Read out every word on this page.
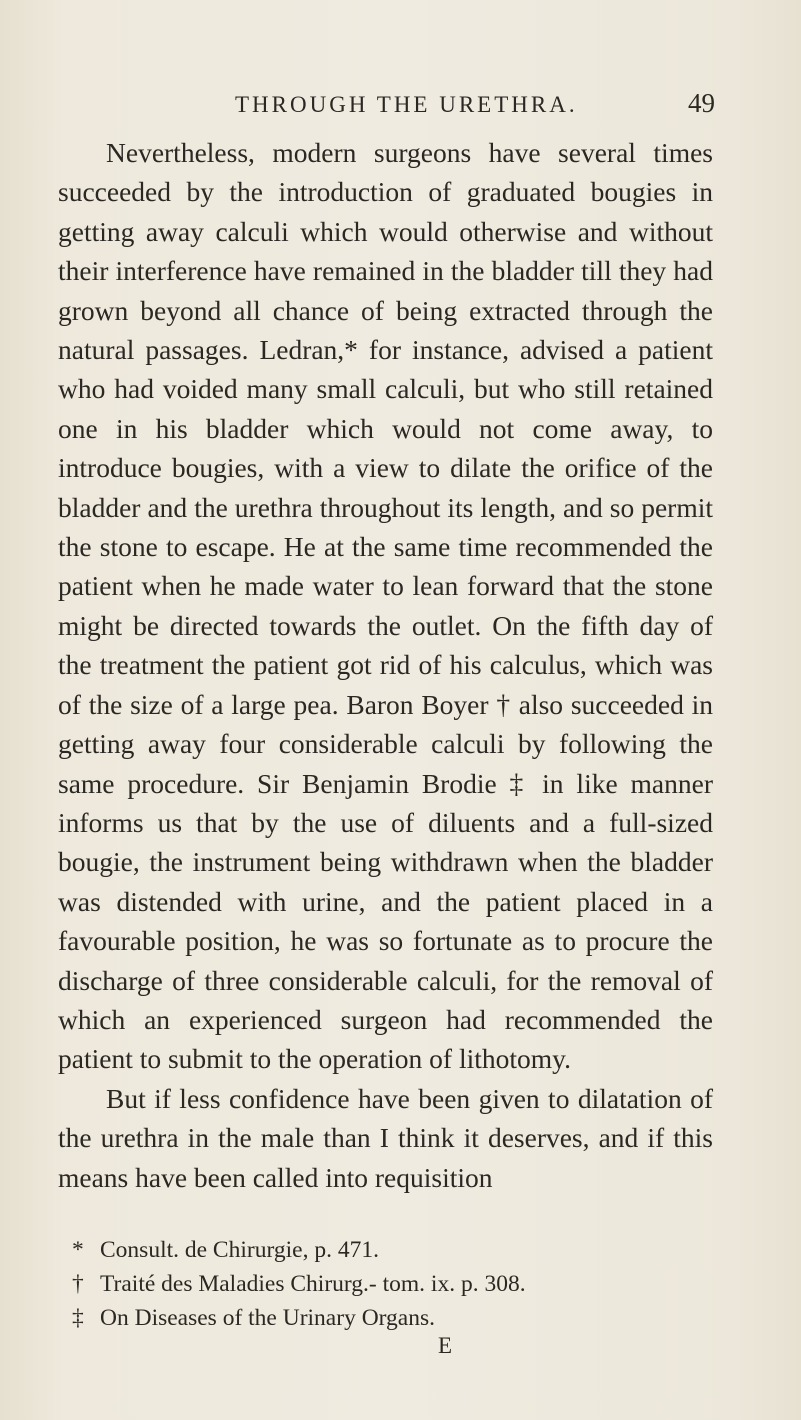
THROUGH THE URETHRA.	49

Nevertheless, modern surgeons have several times succeeded by the introduction of graduated bougies in getting away calculi which would otherwise and without their interference have remained in the bladder till they had grown beyond all chance of being extracted through the natural passages. Ledran,* for instance, advised a patient who had voided many small calculi, but who still retained one in his bladder which would not come away, to introduce bougies, with a view to dilate the orifice of the bladder and the urethra throughout its length, and so permit the stone to escape. He at the same time recommended the patient when he made water to lean forward that the stone might be directed towards the outlet. On the fifth day of the treatment the patient got rid of his calculus, which was of the size of a large pea. Baron Boyer † also succeeded in getting away four considerable calculi by following the same procedure. Sir Benjamin Brodie ‡ in like manner informs us that by the use of diluents and a full-sized bougie, the instrument being withdrawn when the bladder was distended with urine, and the patient placed in a favourable position, he was so fortunate as to procure the discharge of three considerable calculi, for the removal of which an experienced surgeon had recommended the patient to submit to the operation of lithotomy.

But if less confidence have been given to dilatation of the urethra in the male than I think it deserves, and if this means have been called into requisition

* Consult. de Chirurgie, p. 471.

† Traité des Maladies Chirurg.- tom. ix. p. 308.

‡ On Diseases of the Urinary Organs.

E
